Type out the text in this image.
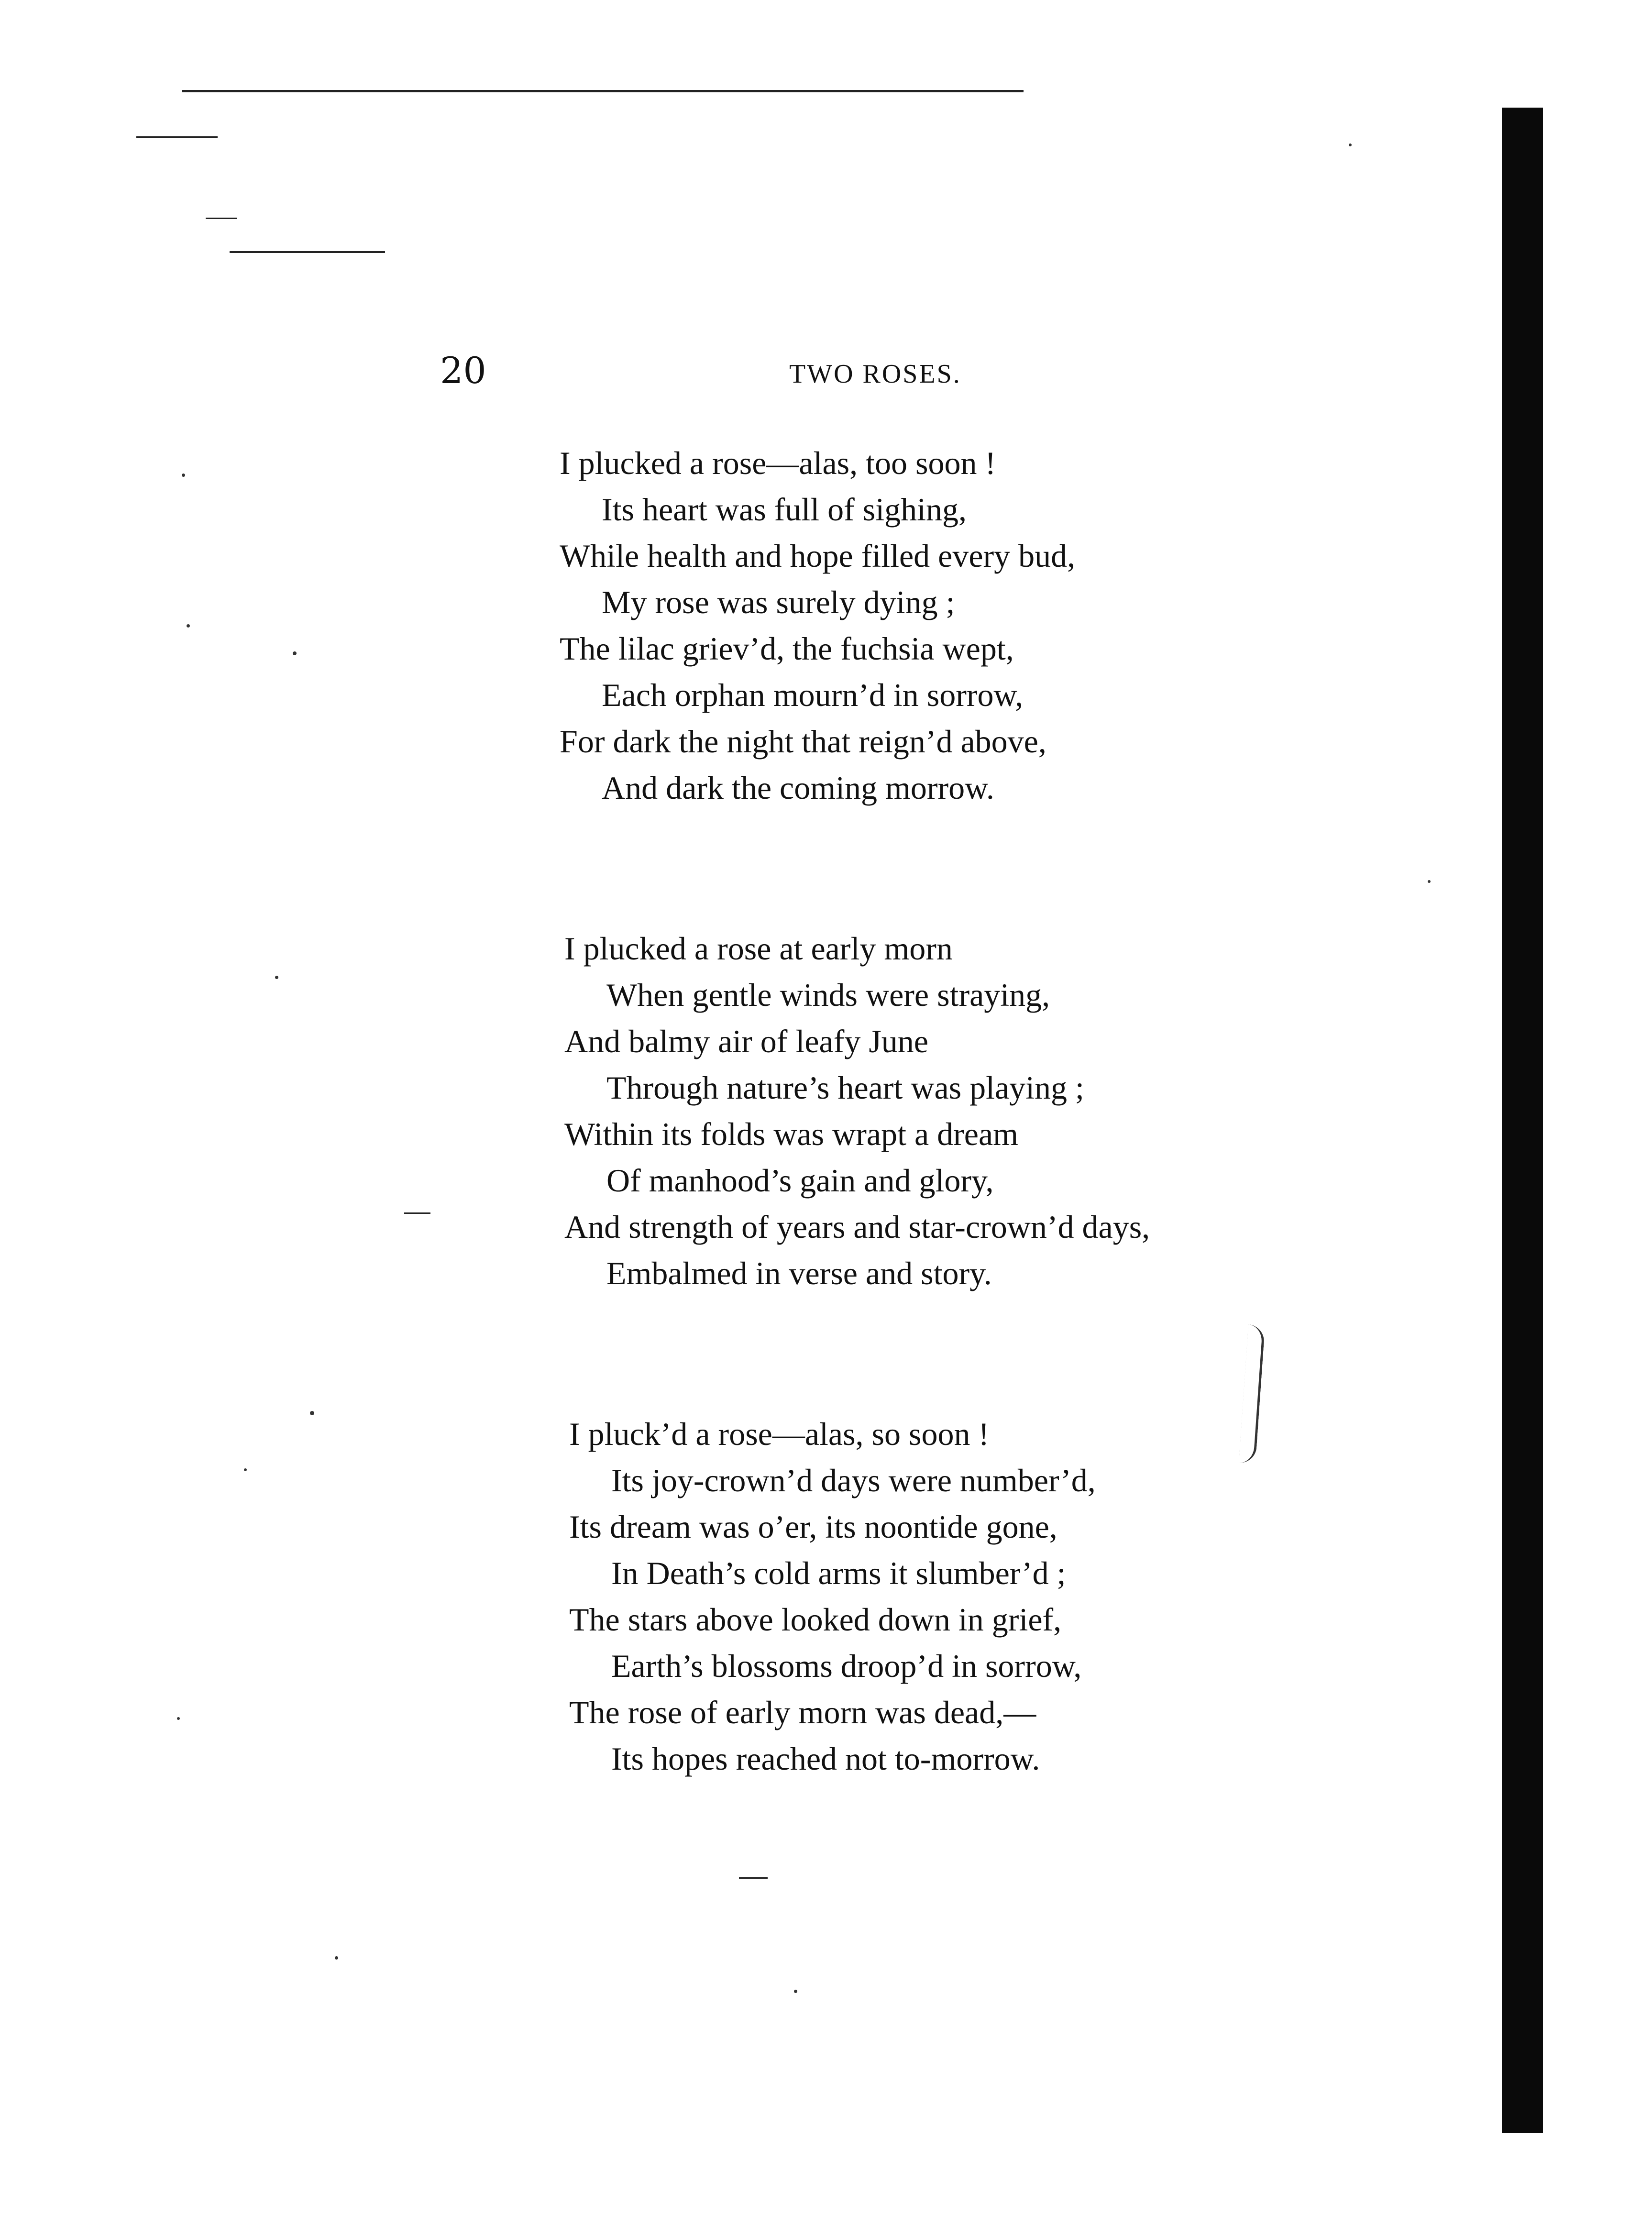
20	TWO ROSES.
I plucked a rose—alas, too soon !
Its heart was full of sighing,
While health and hope filled every bud,
My rose was surely dying ;
The lilac griev’d, the fuchsia wept,
Each orphan mourn’d in sorrow,
For dark the night that reign’d above,
And dark the coming morrow.
I plucked a rose at early morn
When gentle winds were straying,
And balmy air of leafy June
Through nature’s heart was playing ;
Within its folds was wrapt a dream
Of manhood’s gain and glory,
And strength of years and star-crown’d days,
Embalmed in verse and story.
I pluck’d a rose—alas, so soon !
Its joy-crown’d days were number’d,
Its dream was o’er, its noontide gone,
In Death’s cold arms it slumber’d ;
The stars above looked down in grief,
Earth’s blossoms droop’d in sorrow,
The rose of early morn was dead,—
Its hopes reached not to-morrow.
